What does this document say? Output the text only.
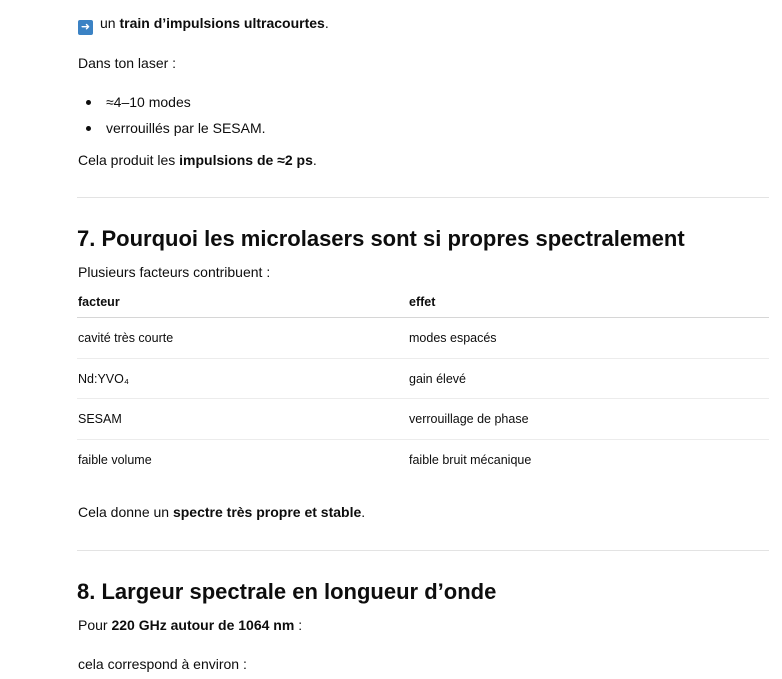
➜ un train d’impulsions ultracourtes.
Dans ton laser :
≈4–10 modes
verrouillés par le SESAM.
Cela produit les impulsions de ≈2 ps.
7. Pourquoi les microlasers sont si propres spectralement
Plusieurs facteurs contribuent :
facteur	effet
cavité très courte	modes espacés
Nd:YVO₄	gain élevé
SESAM	verrouillage de phase
faible volume	faible bruit mécanique
Cela donne un spectre très propre et stable.
8. Largeur spectrale en longueur d’onde
Pour 220 GHz autour de 1064 nm :
cela correspond à environ :
